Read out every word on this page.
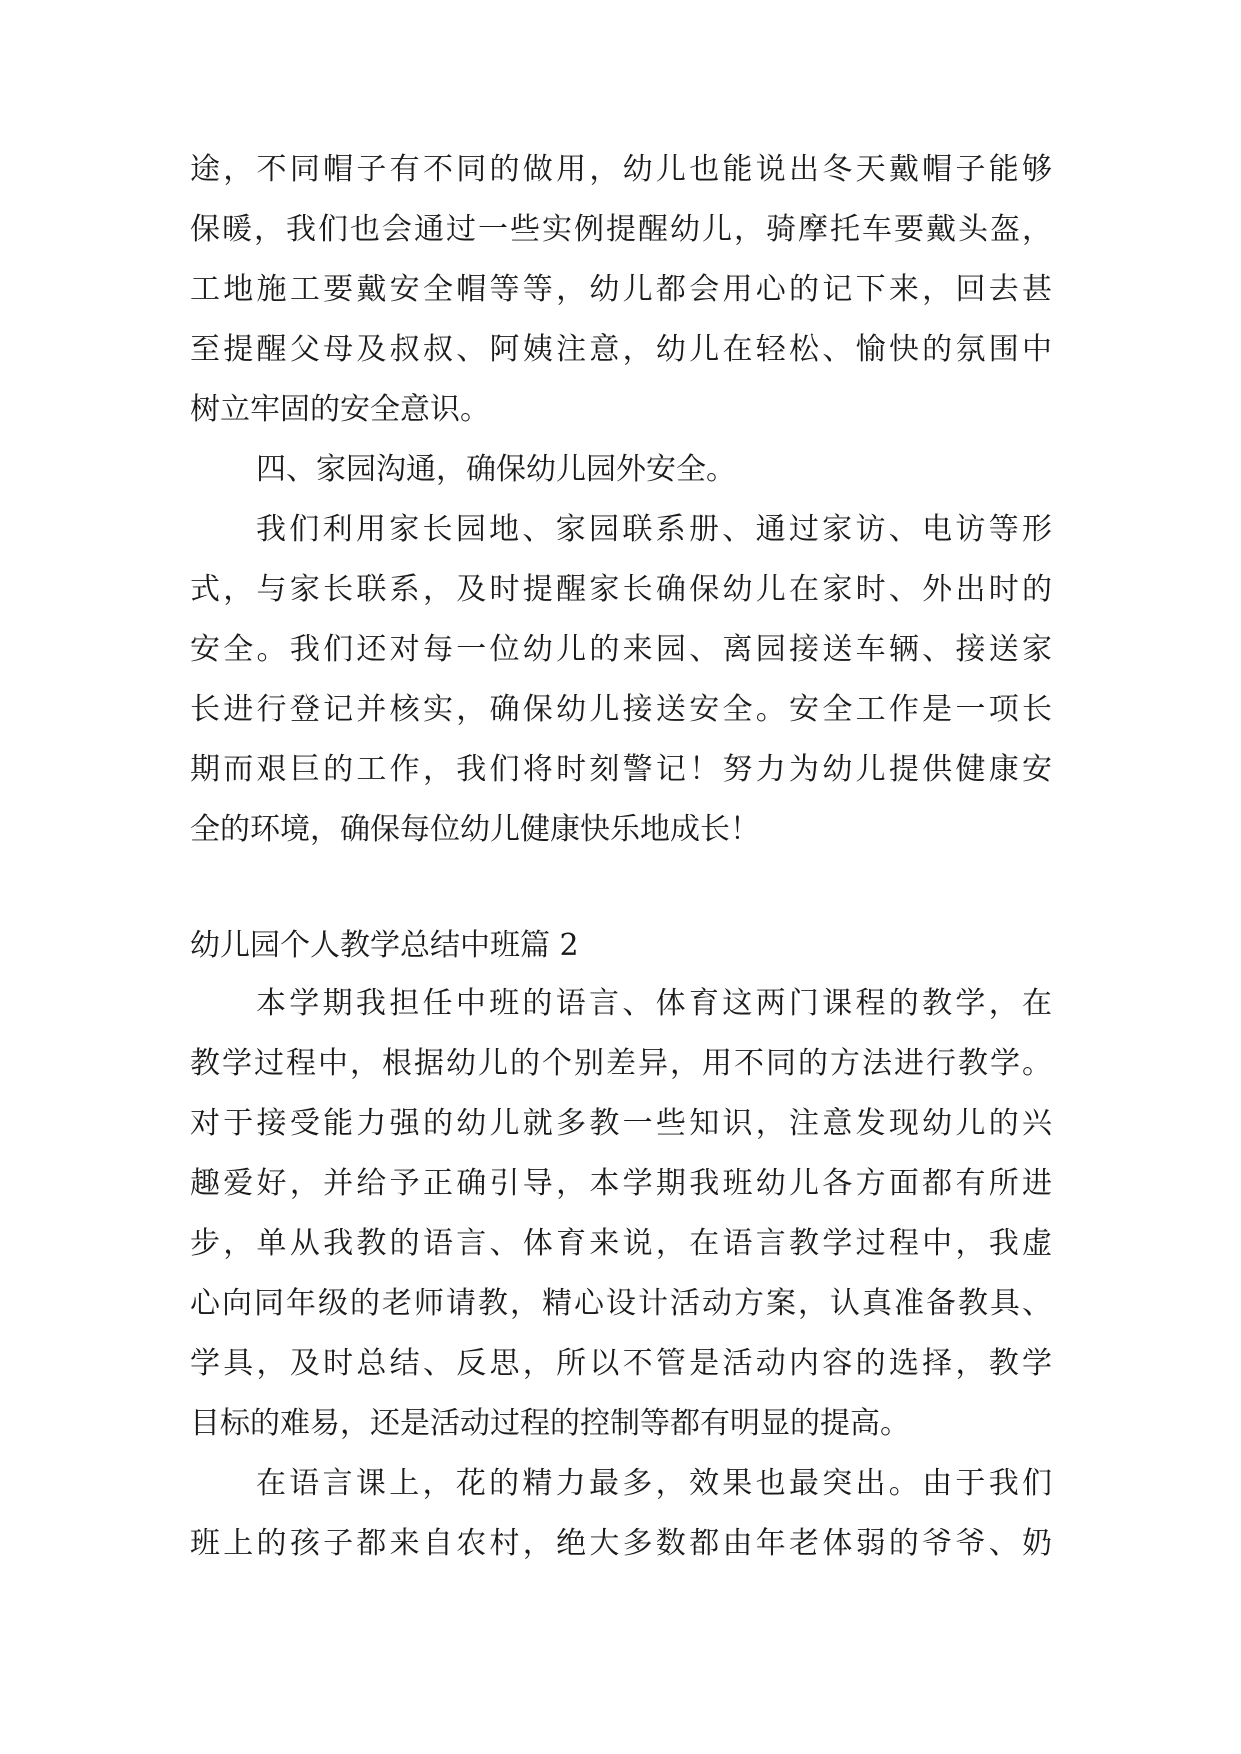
途，不同帽子有不同的做用，幼儿也能说出冬天戴帽子能够
保暖，我们也会通过一些实例提醒幼儿，骑摩托车要戴头盔，
工地施工要戴安全帽等等，幼儿都会用心的记下来，回去甚
至提醒父母及叔叔、阿姨注意，幼儿在轻松、愉快的氛围中
树立牢固的安全意识。
四、家园沟通，确保幼儿园外安全。
我们利用家长园地、家园联系册、通过家访、电访等形
式，与家长联系，及时提醒家长确保幼儿在家时、外出时的
安全。我们还对每一位幼儿的来园、离园接送车辆、接送家
长进行登记并核实，确保幼儿接送安全。安全工作是一项长
期而艰巨的工作，我们将时刻警记！努力为幼儿提供健康安
全的环境，确保每位幼儿健康快乐地成长！
幼儿园个人教学总结中班篇 2
本学期我担任中班的语言、体育这两门课程的教学，在
教学过程中，根据幼儿的个别差异，用不同的方法进行教学。
对于接受能力强的幼儿就多教一些知识，注意发现幼儿的兴
趣爱好，并给予正确引导，本学期我班幼儿各方面都有所进
步，单从我教的语言、体育来说，在语言教学过程中，我虚
心向同年级的老师请教，精心设计活动方案，认真准备教具、
学具，及时总结、反思，所以不管是活动内容的选择，教学
目标的难易，还是活动过程的控制等都有明显的提高。
在语言课上，花的精力最多，效果也最突出。由于我们
班上的孩子都来自农村，绝大多数都由年老体弱的爷爷、奶
